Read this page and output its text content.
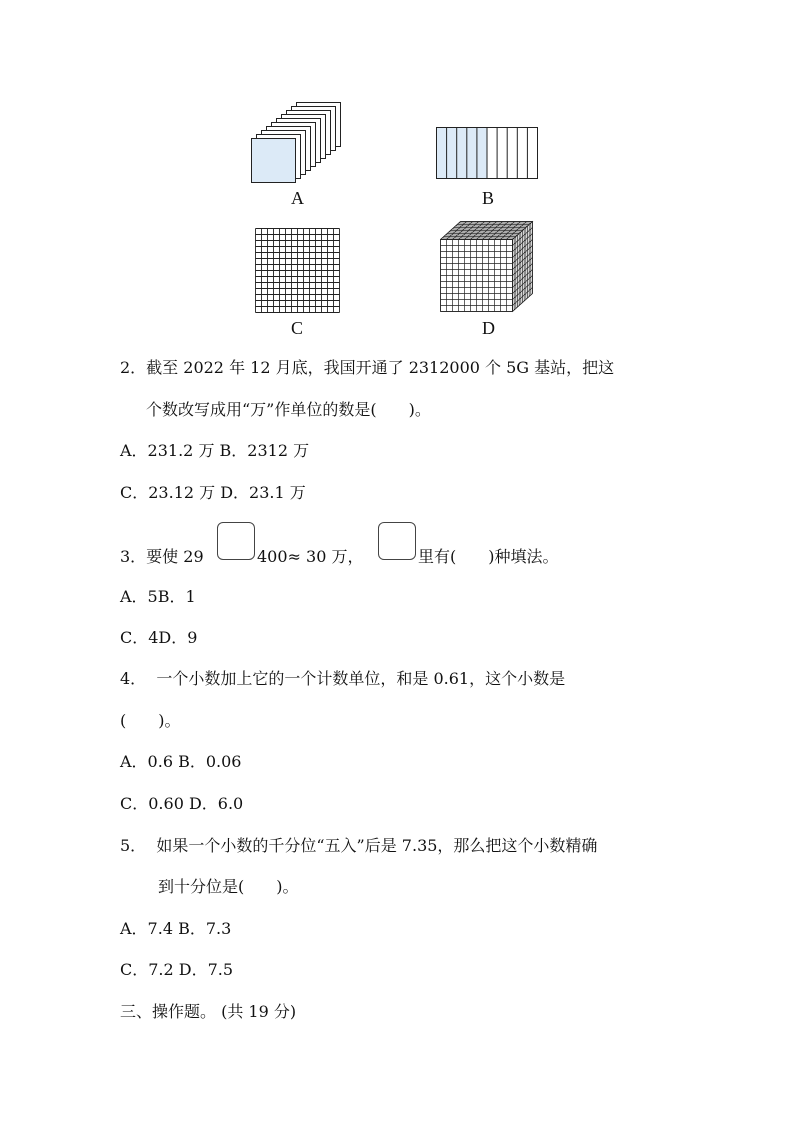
A	B
C	D
2．截至 2022 年 12 月底，我国开通了 2312000 个 5G 基站，把这
个数改写成用“万”作单位的数是(　　)。
A．231.2 万 B．2312 万
C．23.12 万 D．23.1 万
3．要使 29	400≈ 30 万，	里有(　　)种填法。
A．5B．1
C．4D．9
4．  一个小数加上它的一个计数单位，和是 0.61，这个小数是
(　　)。
A．0.6 B．0.06
C．0.60 D．6.0
5．  如果一个小数的千分位“五入”后是 7.35，那么把这个小数精确
到十分位是(　　)。
A．7.4 B．7.3
C．7.2 D．7.5
三、操作题。 (共 19 分)
